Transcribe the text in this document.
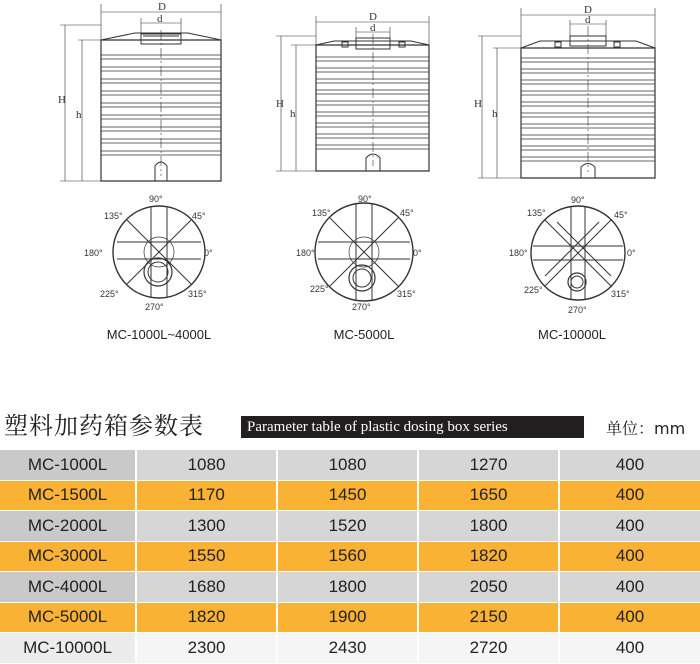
D
d
H
h
D
d
H
h
D
d
H
h
90°
45°
0°
315°
270°
225°
180°
135°
90°
45°
0°
315°
270°
225°
180°
135°
90°
45°
0°
315°
270°
225°
180°
135°
MC-1000L~4000L	MC-5000L	MC-10000L
塑料加药箱参数表	Parameter table of plastic dosing box series	单位：mm
MC-1000L	1080	1080	1270	400
MC-1500L	1170	1450	1650	400
MC-2000L	1300	1520	1800	400
MC-3000L	1550	1560	1820	400
MC-4000L	1680	1800	2050	400
MC-5000L	1820	1900	2150	400
MC-10000L	2300	2430	2720	400
